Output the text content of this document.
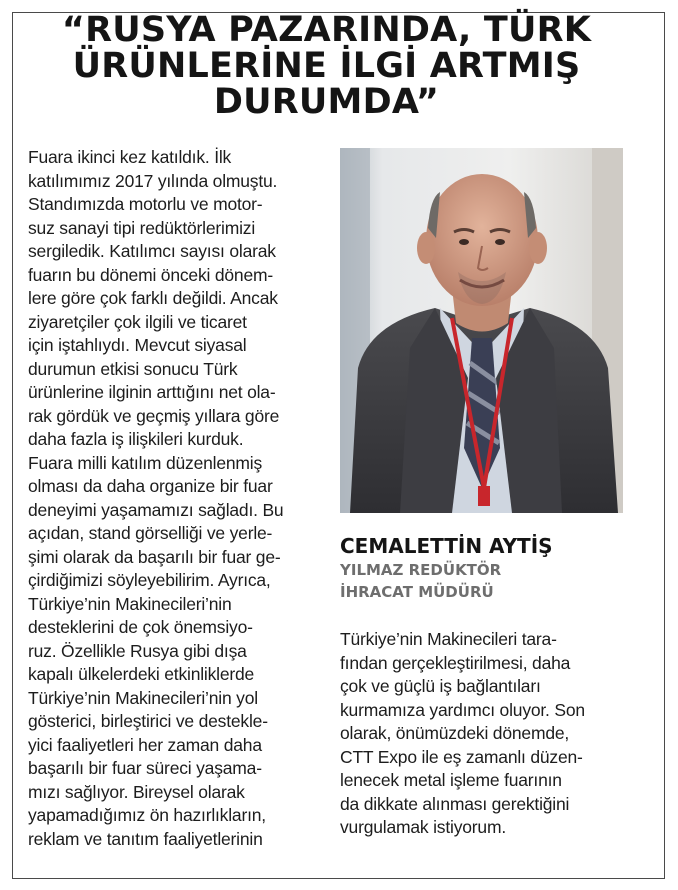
“RUSYA PAZARINDA, TÜRK
ÜRÜNLERİNE İLGİ ARTMIŞ
DURUMDA”
Fuara ikinci kez katıldık. İlk
katılımımız 2017 yılında olmuştu.
Standımızda motorlu ve motor-
suz sanayi tipi redüktörlerimizi
sergiledik. Katılımcı sayısı olarak
fuarın bu dönemi önceki dönem-
lere göre çok farklı değildi. Ancak
ziyaretçiler çok ilgili ve ticaret
için iştahlıydı. Mevcut siyasal
durumun etkisi sonucu Türk
ürünlerine ilginin arttığını net ola-
rak gördük ve geçmiş yıllara göre
daha fazla iş ilişkileri kurduk.
Fuara milli katılım düzenlenmiş
olması da daha organize bir fuar
deneyimi yaşamamızı sağladı. Bu
açıdan, stand görselliği ve yerle-
şimi olarak da başarılı bir fuar ge-
çirdiğimizi söyleyebilirim. Ayrıca,
Türkiye’nin Makinecileri’nin
desteklerini de çok önemsiyo-
ruz. Özellikle Rusya gibi dışa
kapalı ülkelerdeki etkinliklerde
Türkiye’nin Makinecileri’nin yol
gösterici, birleştirici ve destekle-
yici faaliyetleri her zaman daha
başarılı bir fuar süreci yaşama-
mızı sağlıyor. Bireysel olarak
yapamadığımız ön hazırlıkların,
reklam ve tanıtım faaliyetlerinin
CEMALETTİN AYTİŞ
YILMAZ REDÜKTÖR
İHRACAT MÜDÜRÜ
Türkiye’nin Makinecileri tara-
fından gerçekleştirilmesi, daha
çok ve güçlü iş bağlantıları
kurmamıza yardımcı oluyor. Son
olarak, önümüzdeki dönemde,
CTT Expo ile eş zamanlı düzen-
lenecek metal işleme fuarının
da dikkate alınması gerektiğini
vurgulamak istiyorum.
